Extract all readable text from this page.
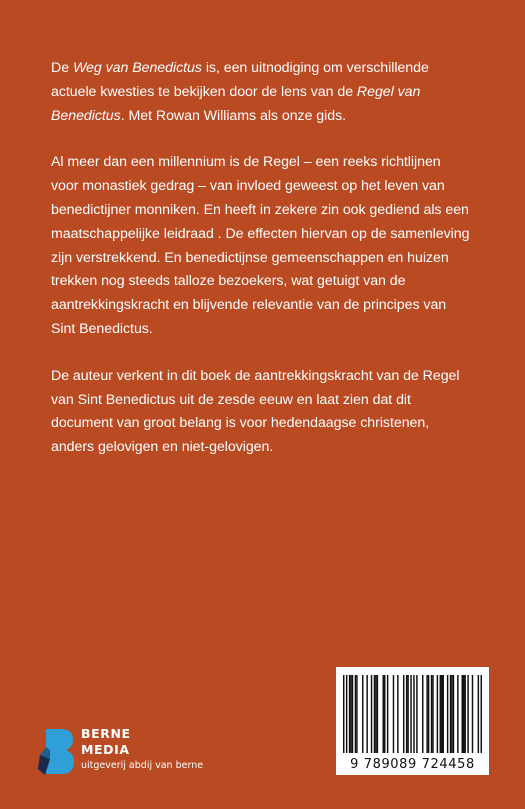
De Weg van Benedictus is, een uitnodiging om verschillende actuele kwesties te bekijken door de lens van de Regel van Benedictus. Met Rowan Williams als onze gids.

Al meer dan een millennium is de Regel – een reeks richtlijnen voor monastiek gedrag – van invloed geweest op het leven van benedictijner monniken. En heeft in zekere zin ook gediend als een maatschappelijke leidraad . De effecten hiervan op de samenleving zijn verstrekkend. En benedictijnse gemeenschappen en huizen trekken nog steeds talloze bezoekers, wat getuigt van de aantrekkingskracht en blijvende relevantie van de principes van Sint Benedictus.

De auteur verkent in dit boek de aantrekkingskracht van de Regel van Sint Benedictus uit de zesde eeuw en laat zien dat dit document van groot belang is voor hedendaagse christenen, anders gelovigen en niet-gelovigen.

9 789089 724458
BERNE
MEDIA
uitgeverij abdij van berne
